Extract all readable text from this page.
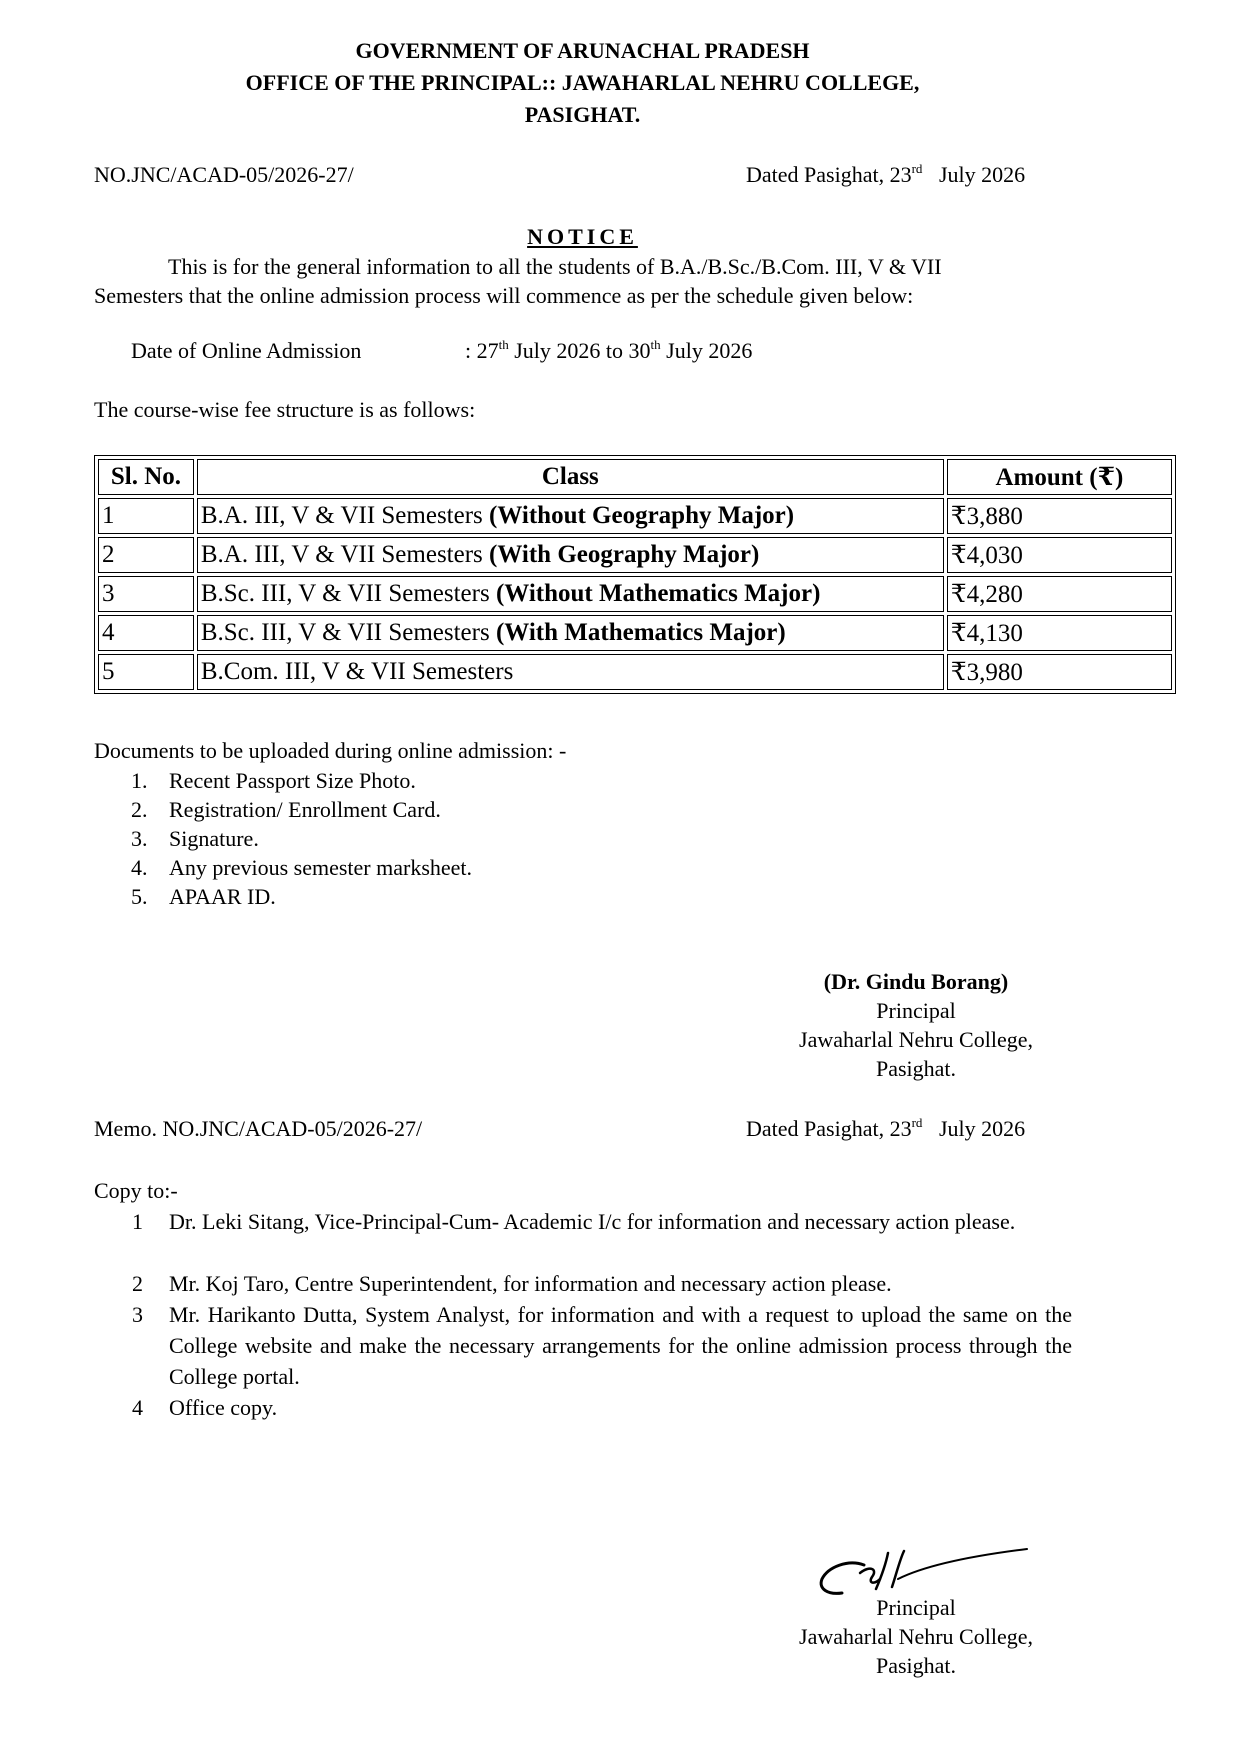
GOVERNMENT OF ARUNACHAL PRADESH
OFFICE OF THE PRINCIPAL:: JAWAHARLAL NEHRU COLLEGE,
PASIGHAT.
NO.JNC/ACAD-05/2026-27/	Dated Pasighat, 23rd July 2026
NOTICE
This is for the general information to all the students of B.A./B.Sc./B.Com. III, V & VII
Semesters that the online admission process will commence as per the schedule given below:
Date of Online Admission	: 27th July 2026 to 30th July 2026
The course-wise fee structure is as follows:
Sl. No.	Class	Amount (₹)
1	B.A. III, V & VII Semesters (Without Geography Major)	₹3,880
2	B.A. III, V & VII Semesters (With Geography Major)	₹4,030
3	B.Sc. III, V & VII Semesters (Without Mathematics Major)	₹4,280
4	B.Sc. III, V & VII Semesters (With Mathematics Major)	₹4,130
5	B.Com. III, V & VII Semesters	₹3,980
Documents to be uploaded during online admission: -
1. Recent Passport Size Photo.
2. Registration/ Enrollment Card.
3. Signature.
4. Any previous semester marksheet.
5. APAAR ID.
(Dr. Gindu Borang)
Principal
Jawaharlal Nehru College,
Pasighat.
Memo. NO.JNC/ACAD-05/2026-27/	Dated Pasighat, 23rd July 2026
Copy to:-
1 Dr. Leki Sitang, Vice-Principal-Cum- Academic I/c for information and necessary action please.
2 Mr. Koj Taro, Centre Superintendent, for information and necessary action please.
3 Mr. Harikanto Dutta, System Analyst, for information and with a request to upload the same on the College website and make the necessary arrangements for the online admission process through the College portal.
4 Office copy.
Principal
Jawaharlal Nehru College,
Pasighat.
